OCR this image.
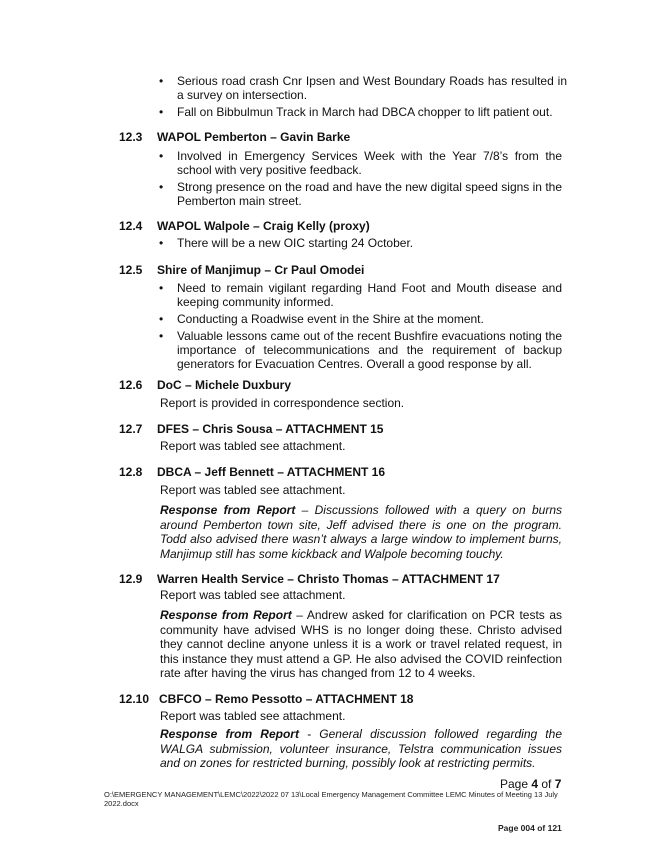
• Serious road crash Cnr Ipsen and West Boundary Roads has resulted in a survey on intersection.
• Fall on Bibbulmun Track in March had DBCA chopper to lift patient out.
12.3 WAPOL Pemberton – Gavin Barke
• Involved in Emergency Services Week with the Year 7/8’s from the school with very positive feedback.
• Strong presence on the road and have the new digital speed signs in the Pemberton main street.
12.4 WAPOL Walpole – Craig Kelly (proxy)
• There will be a new OIC starting 24 October.
12.5 Shire of Manjimup – Cr Paul Omodei
• Need to remain vigilant regarding Hand Foot and Mouth disease and keeping community informed.
• Conducting a Roadwise event in the Shire at the moment.
• Valuable lessons came out of the recent Bushfire evacuations noting the importance of telecommunications and the requirement of backup generators for Evacuation Centres. Overall a good response by all.
12.6 DoC – Michele Duxbury
Report is provided in correspondence section.
12.7 DFES – Chris Sousa – ATTACHMENT 15
Report was tabled see attachment.
12.8 DBCA – Jeff Bennett – ATTACHMENT 16
Report was tabled see attachment.
Response from Report – Discussions followed with a query on burns around Pemberton town site, Jeff advised there is one on the program. Todd also advised there wasn’t always a large window to implement burns, Manjimup still has some kickback and Walpole becoming touchy.
12.9 Warren Health Service – Christo Thomas – ATTACHMENT 17
Report was tabled see attachment.
Response from Report – Andrew asked for clarification on PCR tests as community have advised WHS is no longer doing these. Christo advised they cannot decline anyone unless it is a work or travel related request, in this instance they must attend a GP. He also advised the COVID reinfection rate after having the virus has changed from 12 to 4 weeks.
12.10 CBFCO – Remo Pessotto – ATTACHMENT 18
Report was tabled see attachment.
Response from Report - General discussion followed regarding the WALGA submission, volunteer insurance, Telstra communication issues and on zones for restricted burning, possibly look at restricting permits.
Page 4 of 7
O:\EMERGENCY MANAGEMENT\LEMC\2022\2022 07 13\Local Emergency Management Committee LEMC Minutes of Meeting 13 July 2022.docx
Page 004 of 121
